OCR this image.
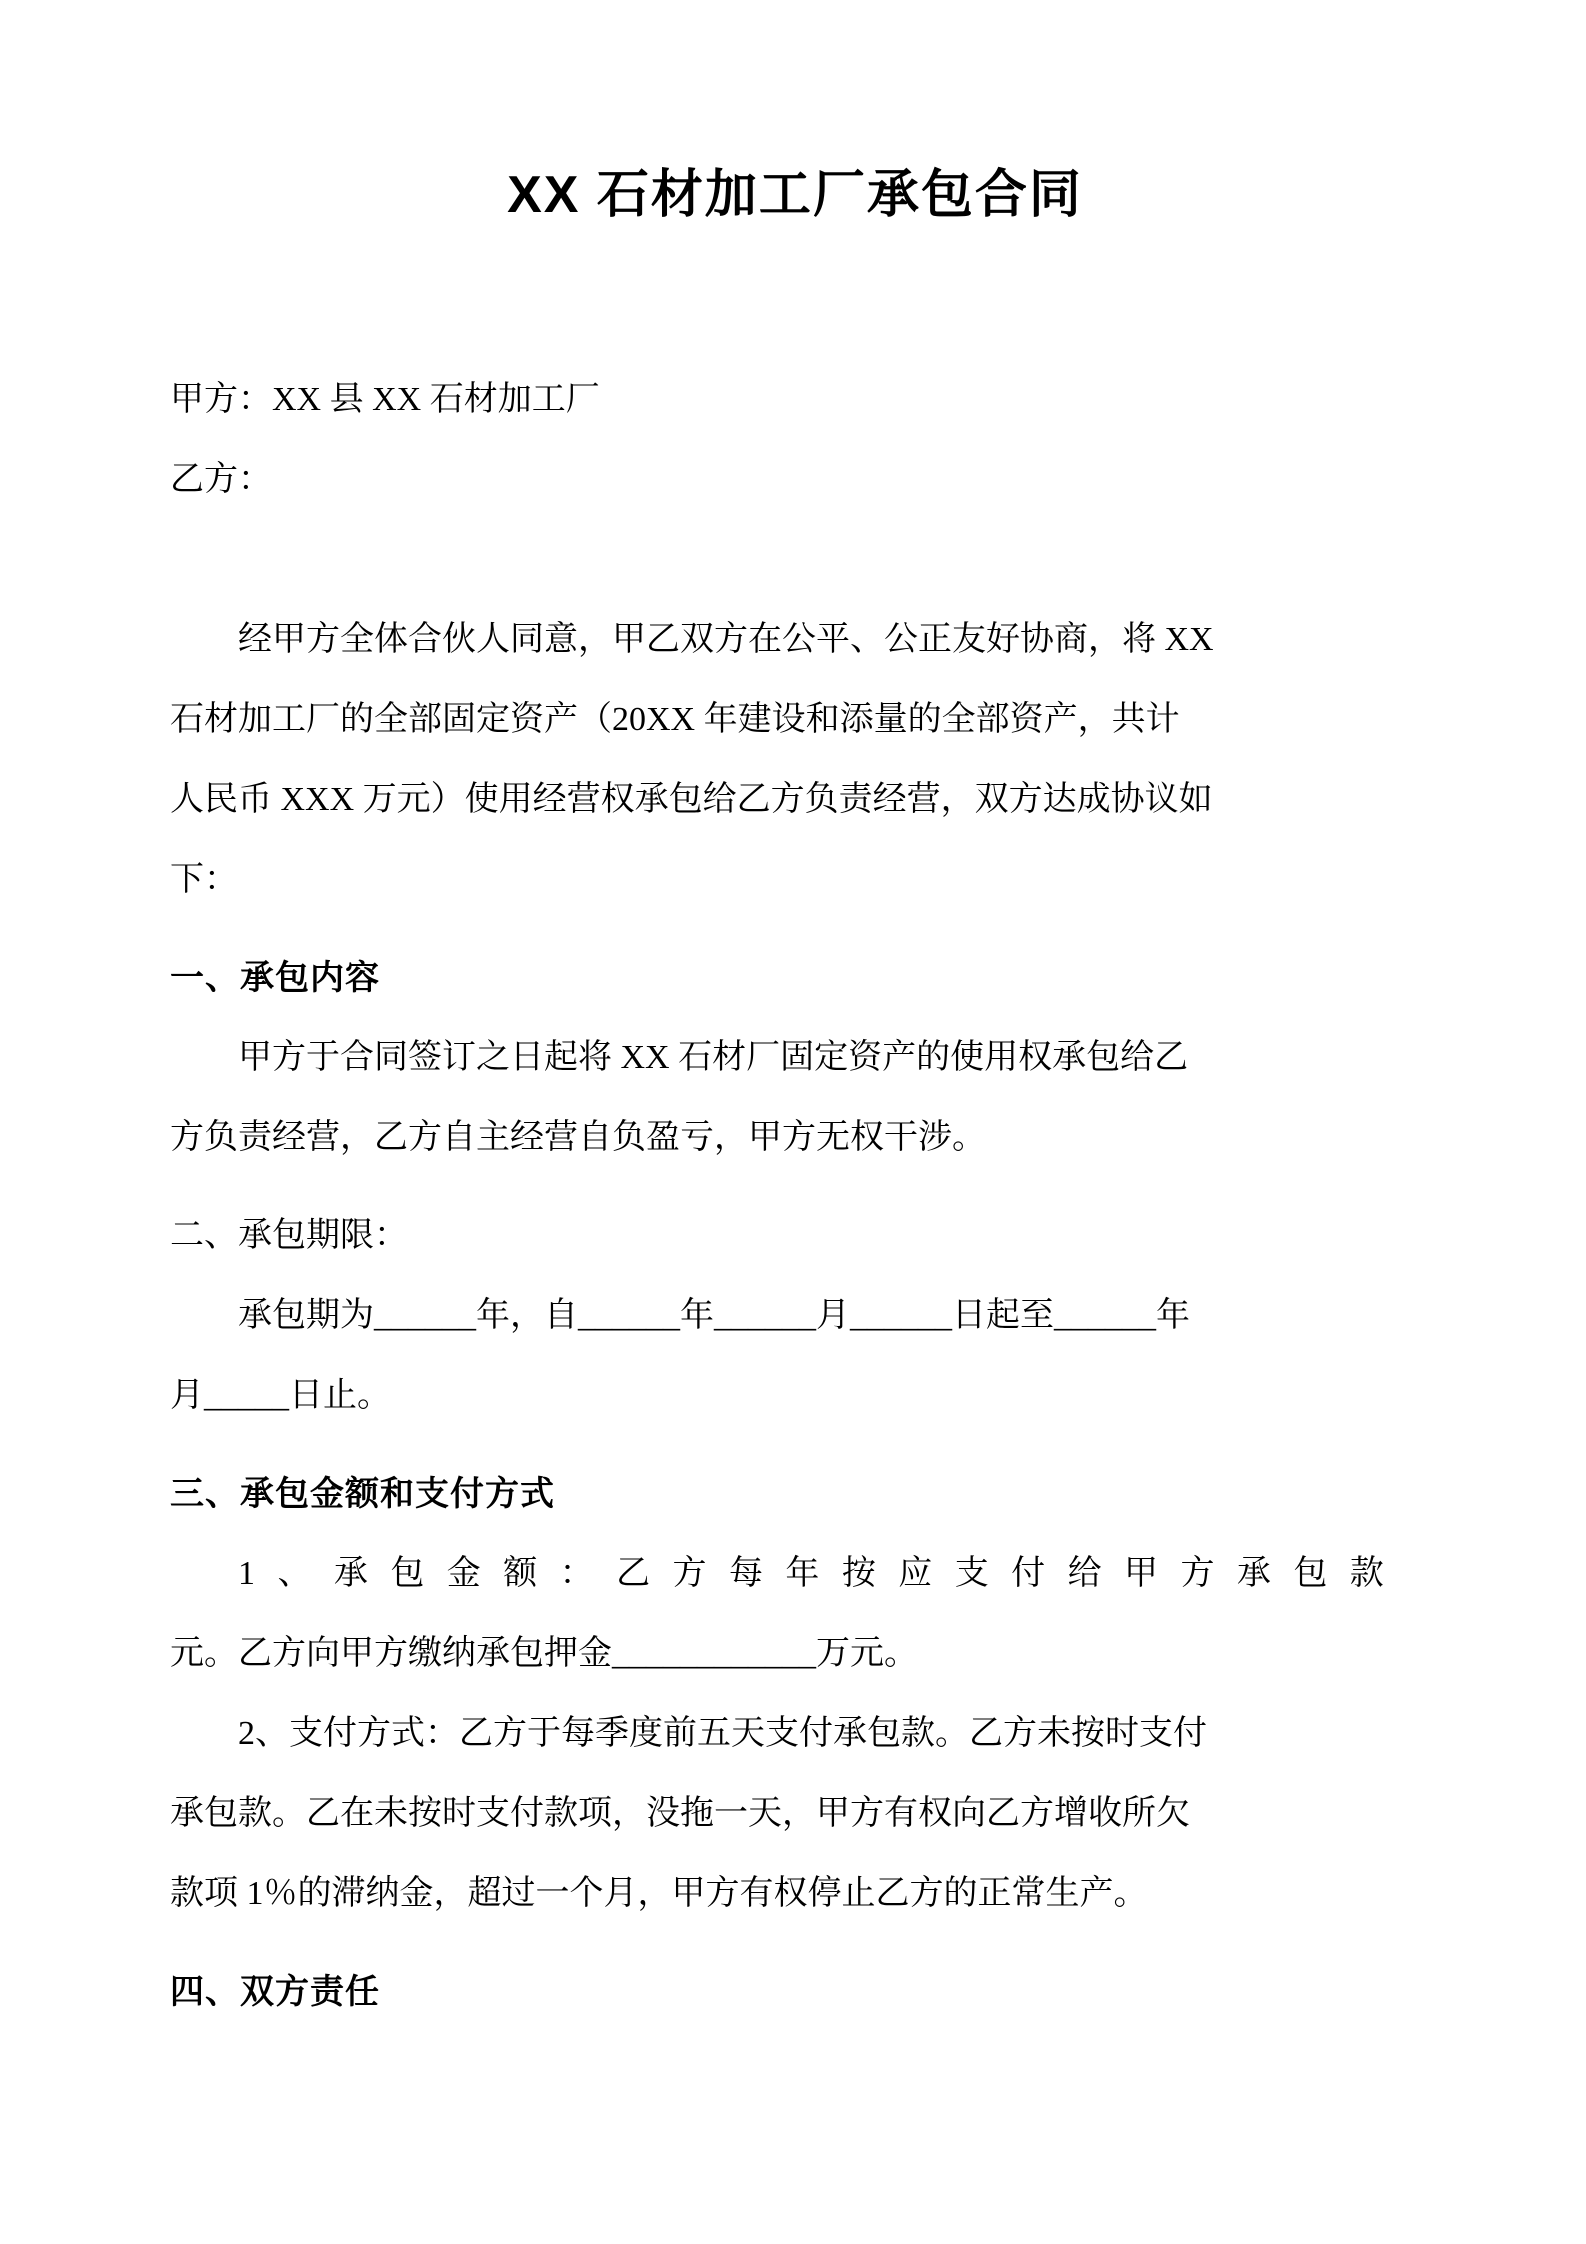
XX 石材加工厂承包合同
甲方：XX 县 XX 石材加工厂
乙方：
经甲方全体合伙人同意，甲乙双方在公平、公正友好协商，将 XX
石材加工厂的全部固定资产（20XX 年建设和添量的全部资产，共计
人民币 XXX 万元）使用经营权承包给乙方负责经营，双方达成协议如
下：
一、承包内容
甲方于合同签订之日起将 XX 石材厂固定资产的使用权承包给乙
方负责经营，乙方自主经营自负盈亏，甲方无权干涉。
二、承包期限：
承包期为______年，自______年______月______日起至______年
月_____日止。
三、承包金额和支付方式
1、承包金额：乙方每年按应支付给甲方承包款
元。乙方向甲方缴纳承包押金____________万元。
2、支付方式：乙方于每季度前五天支付承包款。乙方未按时支付
承包款。乙在未按时支付款项，没拖一天，甲方有权向乙方增收所欠
款项 1％的滞纳金，超过一个月，甲方有权停止乙方的正常生产。
四、双方责任
